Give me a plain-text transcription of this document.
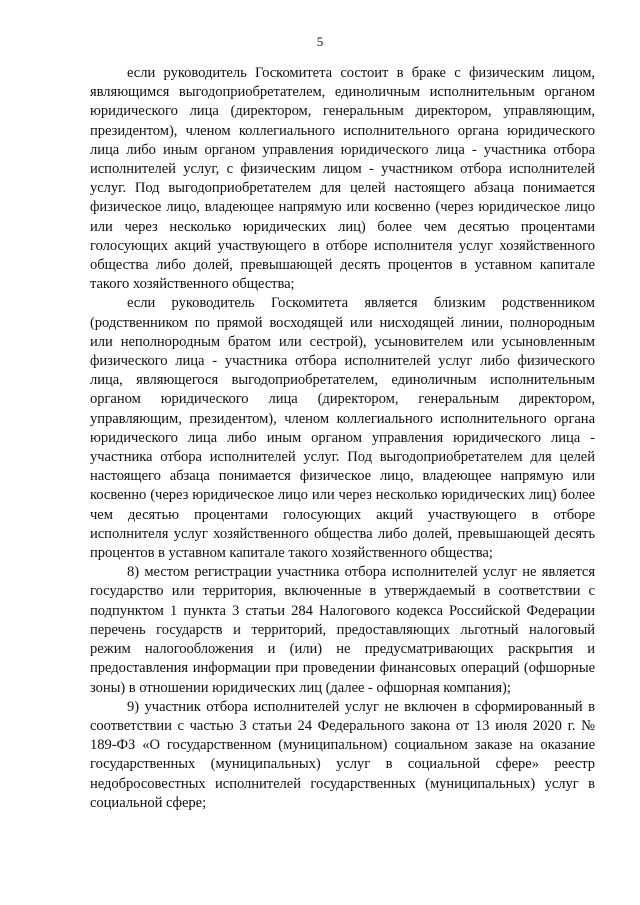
5

если руководитель Госкомитета состоит в браке с физическим лицом, являющимся выгодоприобретателем, единоличным исполнительным органом юридического лица (директором, генеральным директором, управляющим, президентом), членом коллегиального исполнительного органа юридического лица либо иным органом управления юридического лица - участника отбора исполнителей услуг, с физическим лицом - участником отбора исполнителей услуг. Под выгодоприобретателем для целей настоящего абзаца понимается физическое лицо, владеющее напрямую или косвенно (через юридическое лицо или через несколько юридических лиц) более чем десятью процентами голосующих акций участвующего в отборе исполнителя услуг хозяйственного общества либо долей, превышающей десять процентов в уставном капитале такого хозяйственного общества;

если руководитель Госкомитета является близким родственником (родственником по прямой восходящей или нисходящей линии, полнородным или неполнородным братом или сестрой), усыновителем или усыновленным физического лица - участника отбора исполнителей услуг либо физического лица, являющегося выгодоприобретателем, единоличным исполнительным органом юридического лица (директором, генеральным директором, управляющим, президентом), членом коллегиального исполнительного органа юридического лица либо иным органом управления юридического лица - участника отбора исполнителей услуг. Под выгодоприобретателем для целей настоящего абзаца понимается физическое лицо, владеющее напрямую или косвенно (через юридическое лицо или через несколько юридических лиц) более чем десятью процентами голосующих акций участвующего в отборе исполнителя услуг хозяйственного общества либо долей, превышающей десять процентов в уставном капитале такого хозяйственного общества;

8) местом регистрации участника отбора исполнителей услуг не является государство или территория, включенные в утверждаемый в соответствии с подпунктом 1 пункта 3 статьи 284 Налогового кодекса Российской Федерации перечень государств и территорий, предоставляющих льготный налоговый режим налогообложения и (или) не предусматривающих раскрытия и предоставления информации при проведении финансовых операций (офшорные зоны) в отношении юридических лиц (далее - офшорная компания);

9) участник отбора исполнителей услуг не включен в сформированный в соответствии с частью 3 статьи 24 Федерального закона от 13 июля 2020 г. № 189-ФЗ «О государственном (муниципальном) социальном заказе на оказание государственных (муниципальных) услуг в социальной сфере» реестр недобросовестных исполнителей государственных (муниципальных) услуг в социальной сфере;
